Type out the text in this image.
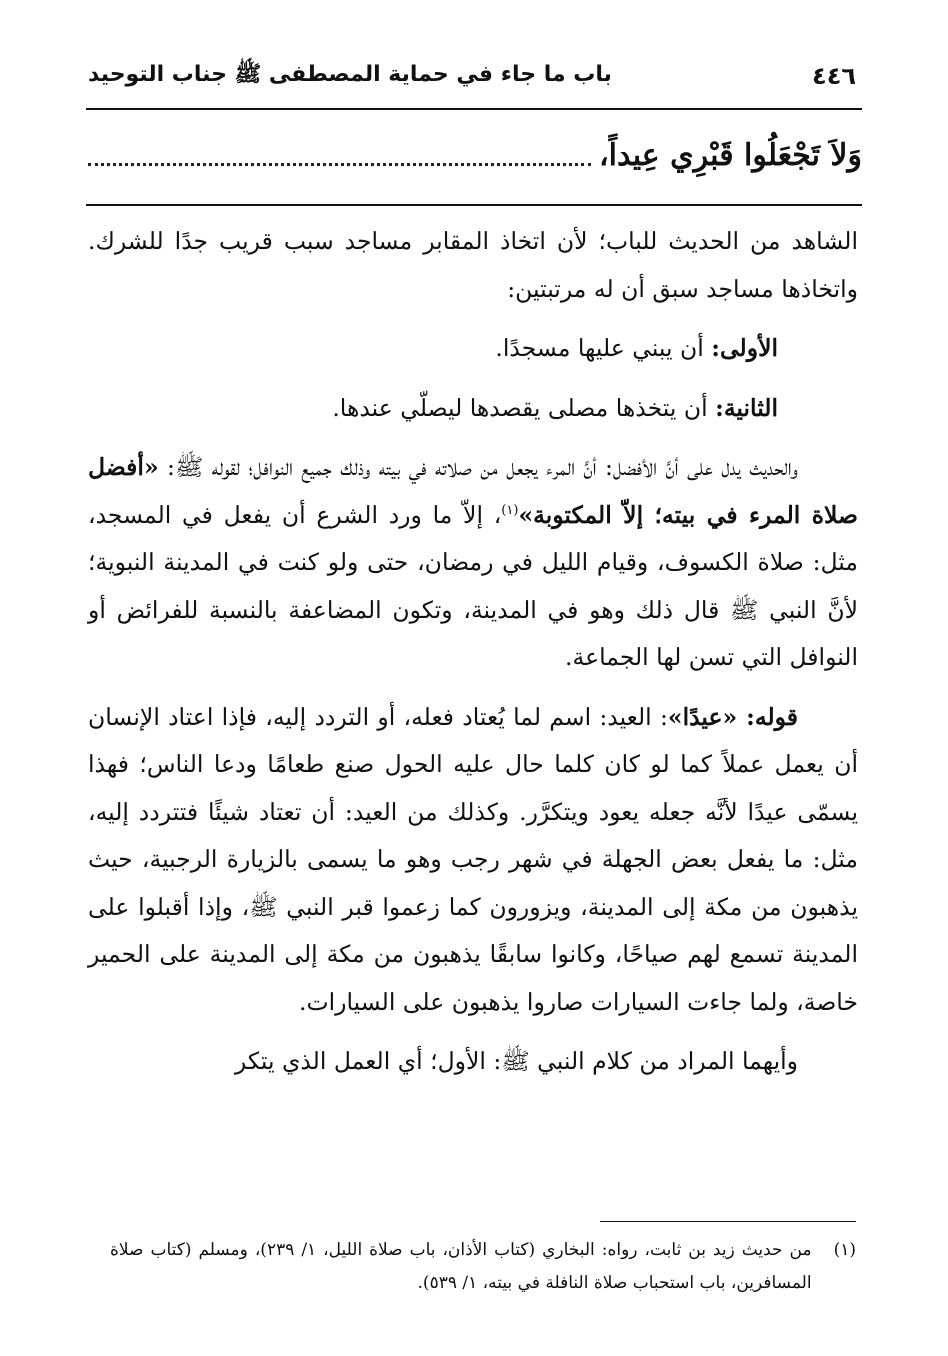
٤٤٦
باب ما جاء في حماية المصطفى ﷺ جناب التوحيد
وَلاَ تَجْعَلُوا قَبْرِي عِيداً،

الشاهد من الحديث للباب؛ لأن اتخاذ المقابر مساجد سبب قريب جدًا للشرك. واتخاذها مساجد سبق أن له مرتبتين:

الأولى: أن يبني عليها مسجدًا.

الثانية: أن يتخذها مصلى يقصدها ليصلّي عندها.

والحديث يدل على أنَّ الأفضل: أنَّ المرء يجعل من صلاته في بيته وذلك جميع النوافل؛ لقوله ﷺ: «أفضل صلاة المرء في بيته؛ إلاّ المكتوبة»$^{(١)}$، إلاّ ما ورد الشرع أن يفعل في المسجد، مثل: صلاة الكسوف، وقيام الليل في رمضان، حتى ولو كنت في المدينة النبوية؛ لأنَّ النبي ﷺ قال ذلك وهو في المدينة، وتكون المضاعفة بالنسبة للفرائض أو النوافل التي تسن لها الجماعة.

قوله: «عيدًا»: العيد: اسم لما يُعتاد فعله، أو التردد إليه، فإذا اعتاد الإنسان أن يعمل عملاً كما لو كان كلما حال عليه الحول صنع طعامًا ودعا الناس؛ فهذا يسمّى عيدًا لأنَّه جعله يعود ويتكرَّر. وكذلك من العيد: أن تعتاد شيئًا فتتردد إليه، مثل: ما يفعل بعض الجهلة في شهر رجب وهو ما يسمى بالزيارة الرجبية، حيث يذهبون من مكة إلى المدينة، ويزورون كما زعموا قبر النبي ﷺ، وإذا أقبلوا على المدينة تسمع لهم صياحًا، وكانوا سابقًا يذهبون من مكة إلى المدينة على الحمير خاصة، ولما جاءت السيارات صاروا يذهبون على السيارات.

وأيهما المراد من كلام النبي ﷺ: الأول؛ أي العمل الذي يتكر

(١)
من حديث زيد بن ثابت، رواه: البخاري (كتاب الأذان، باب صلاة الليل، ١/ ٢٣٩)، ومسلم (كتاب صلاة المسافرين، باب استحباب صلاة النافلة في بيته، ١/ ٥٣٩).
